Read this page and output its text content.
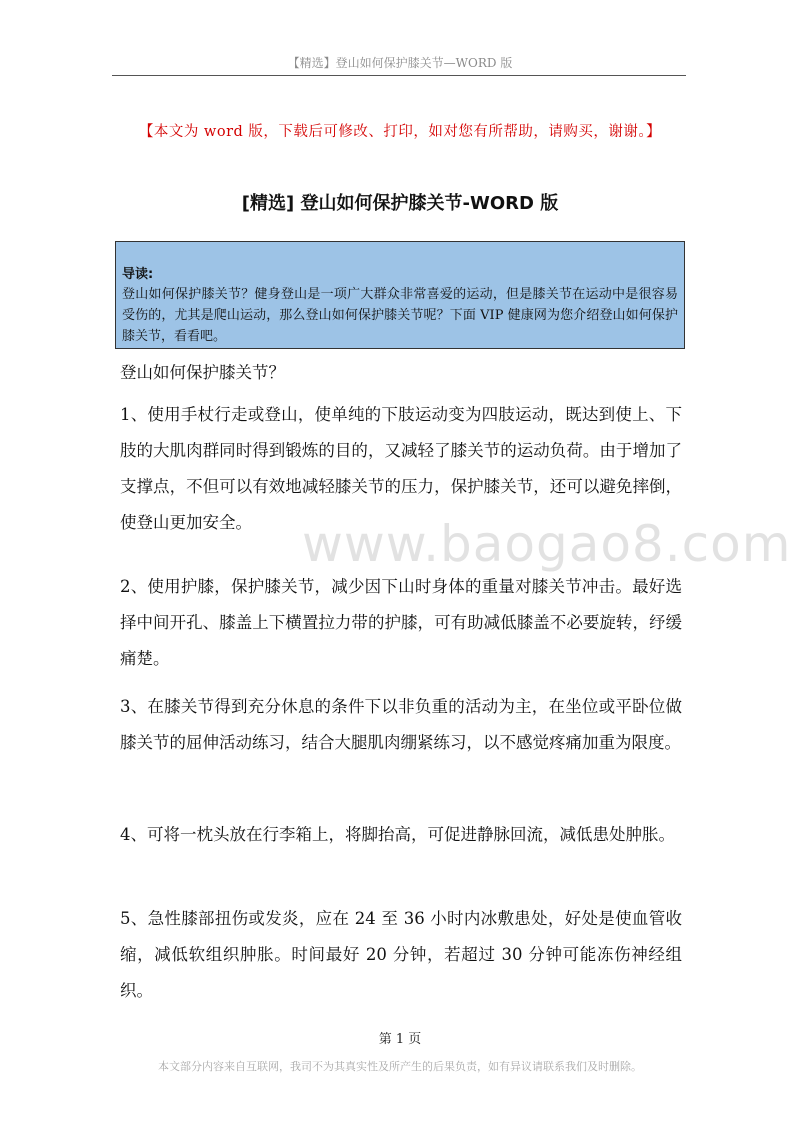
【精选】登山如何保护膝关节—WORD 版
【本文为 word 版，下载后可修改、打印，如对您有所帮助，请购买，谢谢。】
[精选] 登山如何保护膝关节-WORD 版
导读:
登山如何保护膝关节？健身登山是一项广大群众非常喜爱的运动，但是膝关节在运动中是很容易受伤的，尤其是爬山运动，那么登山如何保护膝关节呢？下面 VIP 健康网为您介绍登山如何保护膝关节，看看吧。
登山如何保护膝关节？
1、使用手杖行走或登山，使单纯的下肢运动变为四肢运动，既达到使上、下肢的大肌肉群同时得到锻炼的目的，又减轻了膝关节的运动负荷。由于增加了支撑点，不但可以有效地减轻膝关节的压力，保护膝关节，还可以避免摔倒，使登山更加安全。
2、使用护膝，保护膝关节，减少因下山时身体的重量对膝关节冲击。最好选择中间开孔、膝盖上下横置拉力带的护膝，可有助减低膝盖不必要旋转，纾缓痛楚。
3、在膝关节得到充分休息的条件下以非负重的活动为主，在坐位或平卧位做膝关节的屈伸活动练习，结合大腿肌肉绷紧练习，以不感觉疼痛加重为限度。
4、可将一枕头放在行李箱上，将脚抬高，可促进静脉回流，减低患处肿胀。
5、急性膝部扭伤或发炎，应在 24 至 36 小时内冰敷患处，好处是使血管收缩，减低软组织肿胀。时间最好 20 分钟，若超过 30 分钟可能冻伤神经组织。
www.baogao8.com
第 1 页
本文部分内容来自互联网，我司不为其真实性及所产生的后果负责，如有异议请联系我们及时删除。
